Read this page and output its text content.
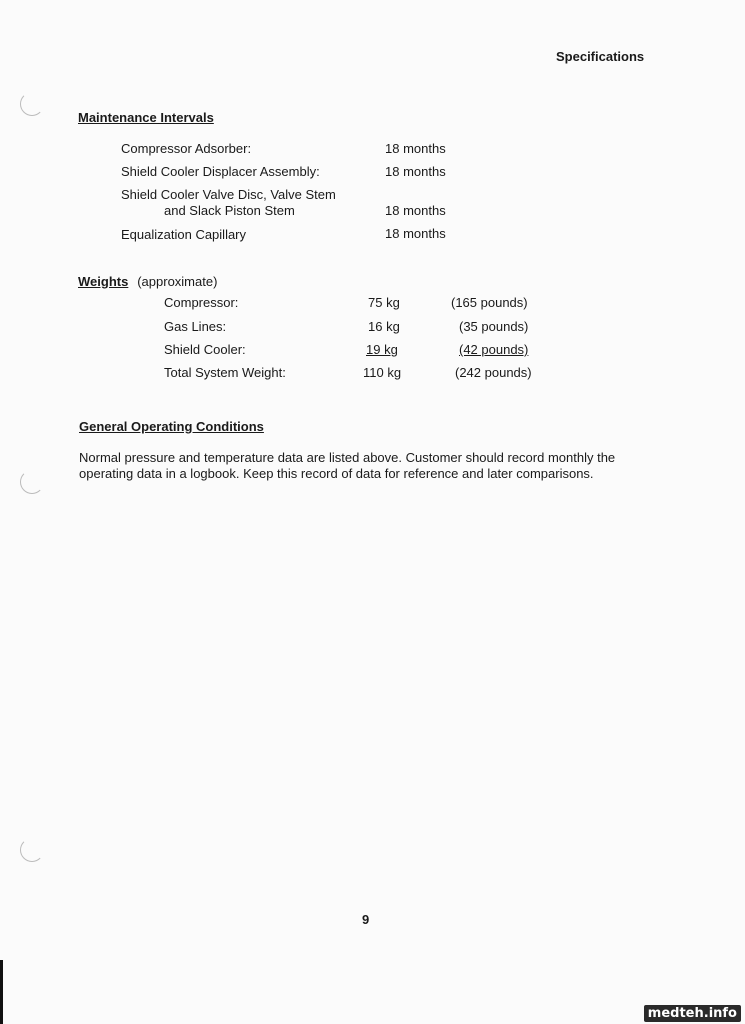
Specifications
Maintenance Intervals
Compressor Adsorber:	18 months
Shield Cooler Displacer Assembly:	18 months
Shield Cooler Valve Disc, Valve Stem
and Slack Piston Stem	18 months
Equalization Capillary	18 months
Weights (approximate)
Compressor:	75 kg	(165 pounds)
Gas Lines:	16 kg	(35 pounds)
Shield Cooler:	19 kg	(42 pounds)
Total System Weight:	110 kg	(242 pounds)
General Operating Conditions
Normal pressure and temperature data are listed above. Customer should record monthly the operating data in a logbook. Keep this record of data for reference and later comparisons.
9
medteh.info
